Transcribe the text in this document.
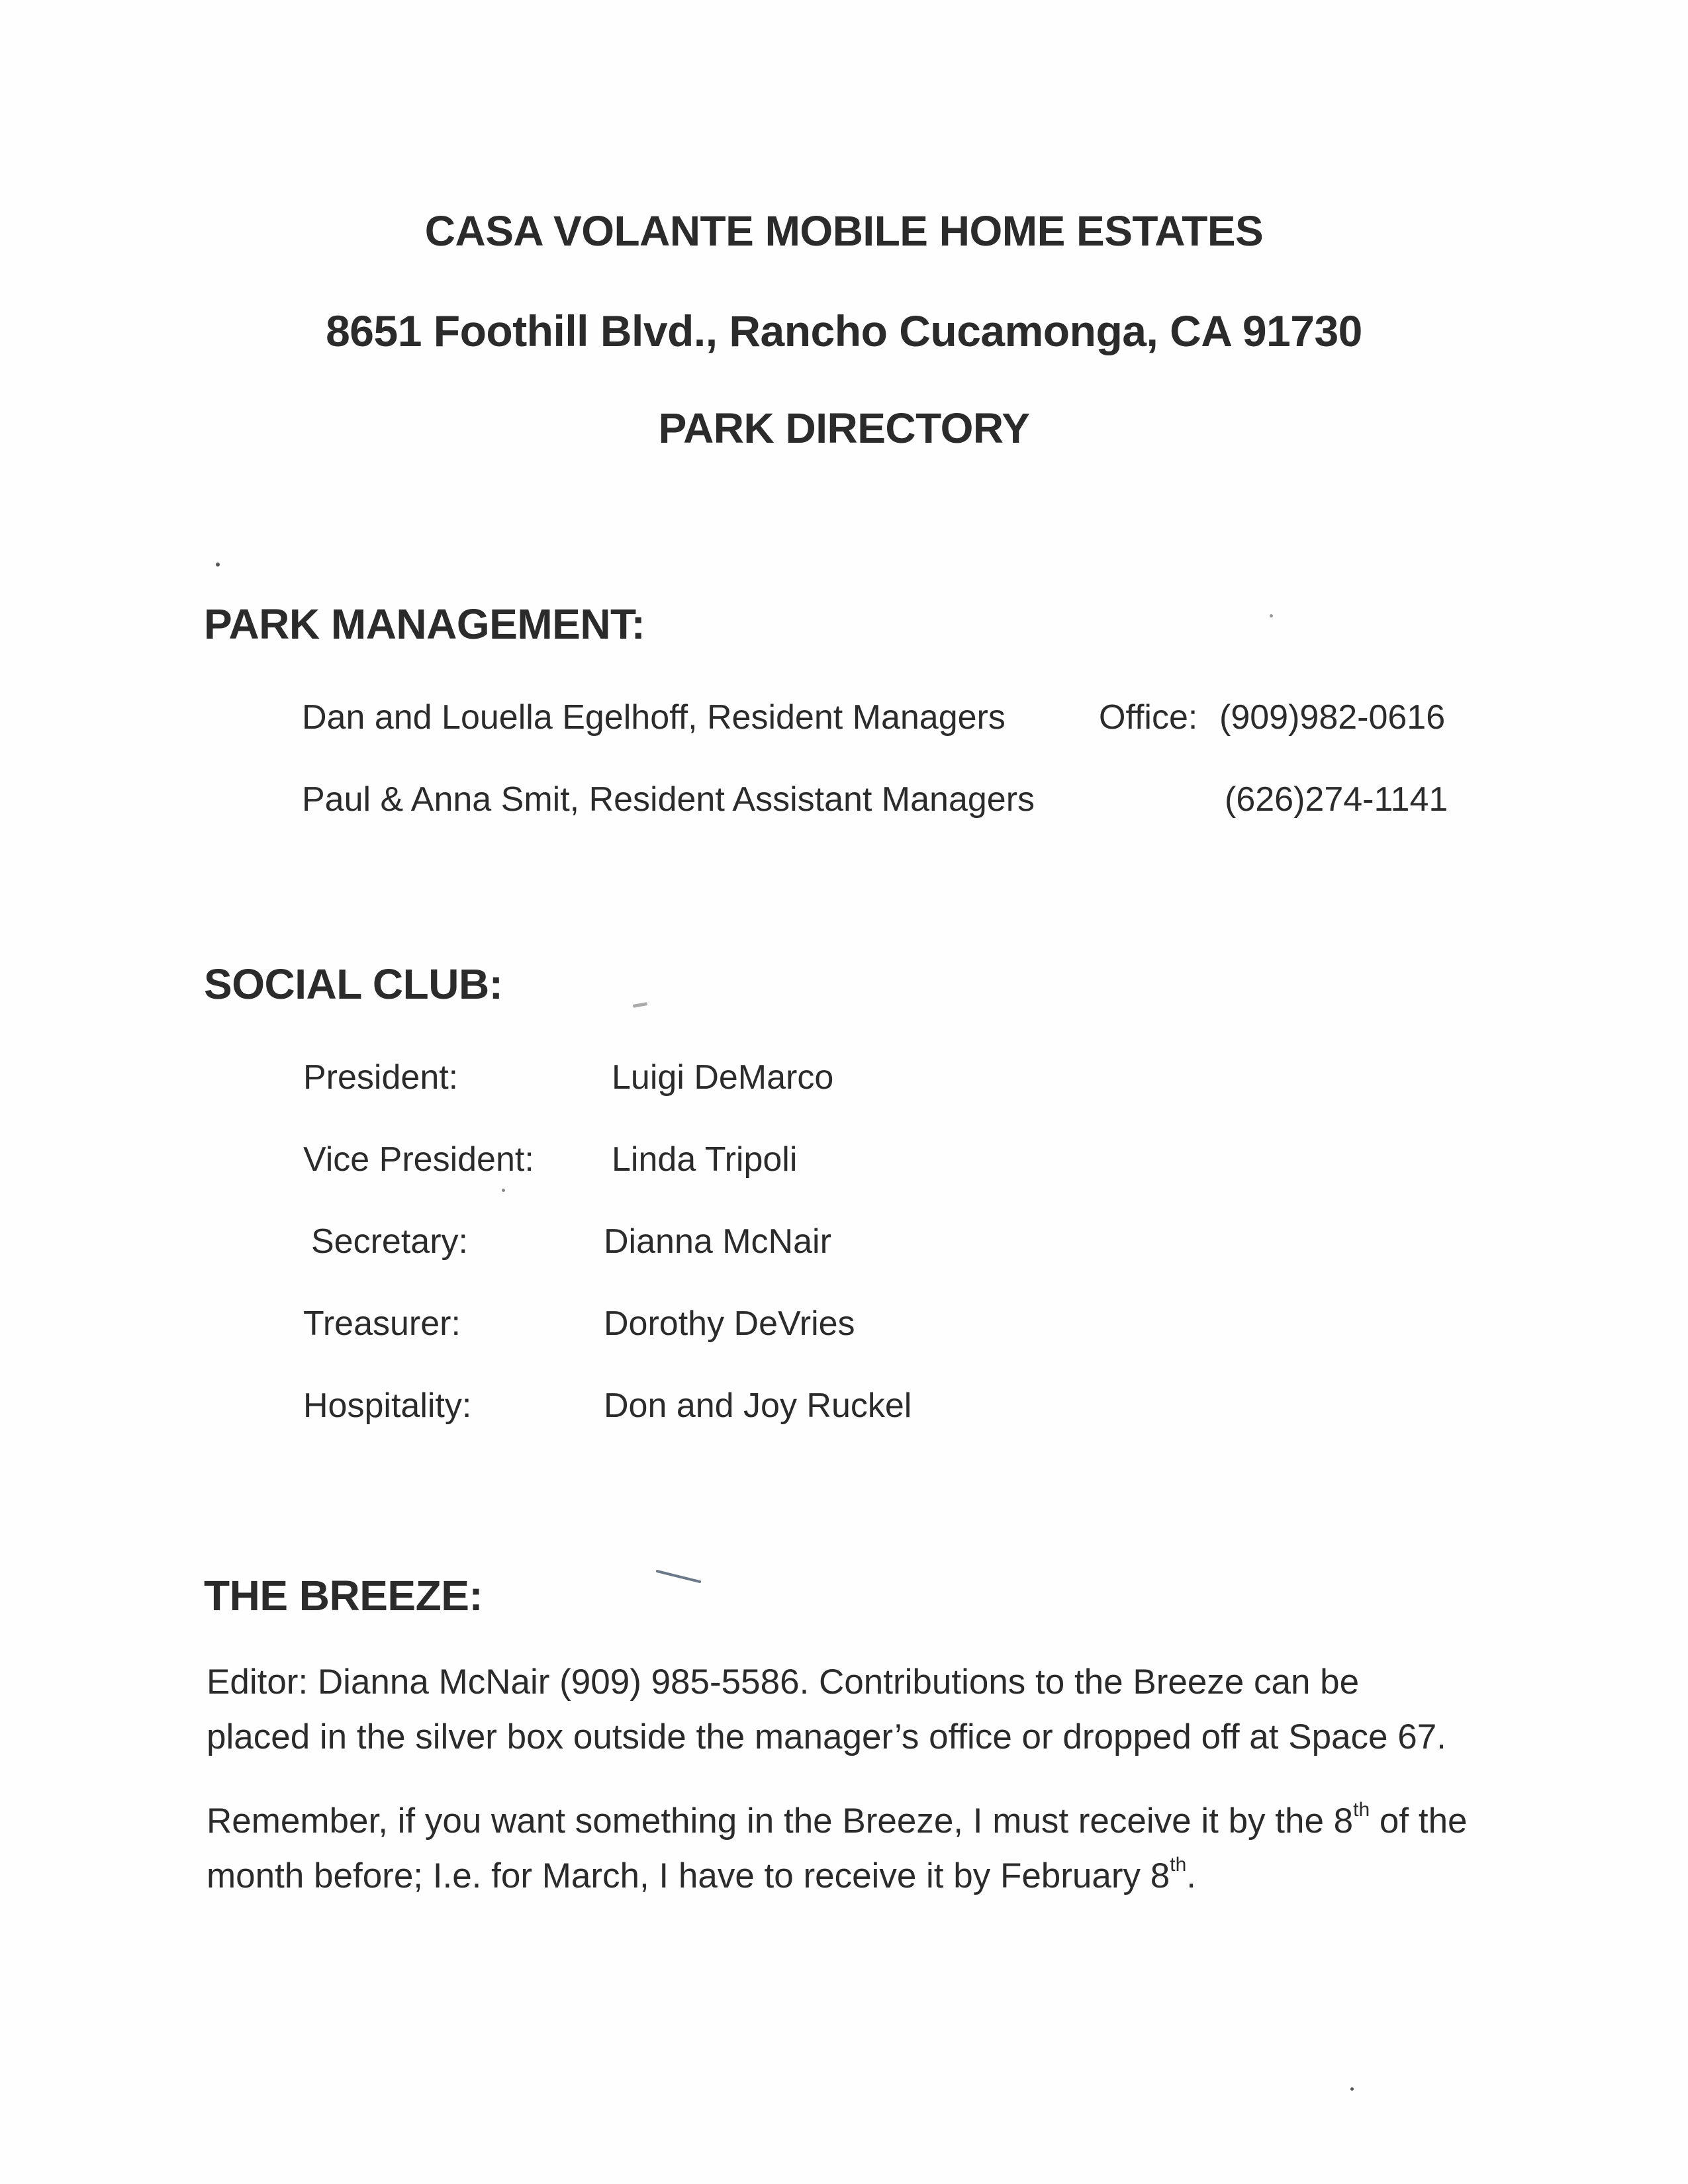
CASA VOLANTE MOBILE HOME ESTATES
8651 Foothill Blvd., Rancho Cucamonga, CA 91730
PARK DIRECTORY
PARK MANAGEMENT:
Dan and Louella Egelhoff, Resident Managers	Office: (909)982-0616
Paul & Anna Smit, Resident Assistant Managers	(626)274-1141
SOCIAL CLUB:
President:	Luigi DeMarco
Vice President: Linda Tripoli
Secretary:	Dianna McNair
Treasurer:	Dorothy DeVries
Hospitality:	Don and Joy Ruckel
THE BREEZE:
Editor: Dianna McNair (909) 985-5586. Contributions to the Breeze can be
placed in the silver box outside the manager’s office or dropped off at Space 67.
Remember, if you want something in the Breeze, I must receive it by the 8th of the
month before; I.e. for March, I have to receive it by February 8th.
